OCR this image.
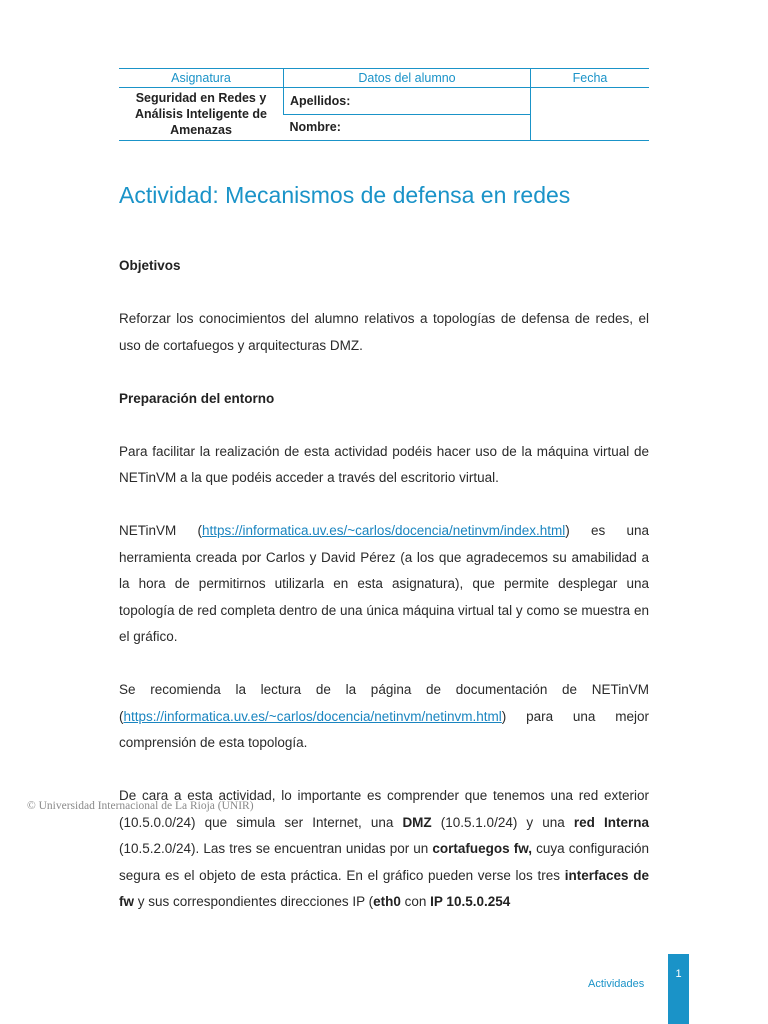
Asignatura	Datos del alumno	Fecha
Seguridad en Redes y Análisis Inteligente de Amenazas	Apellidos:	
	Nombre:	
Actividad: Mecanismos de defensa en redes

Objetivos

Reforzar los conocimientos del alumno relativos a topologías de defensa de redes, el uso de cortafuegos y arquitecturas DMZ.

Preparación del entorno

Para facilitar la realización de esta actividad podéis hacer uso de la máquina virtual de NETinVM a la que podéis acceder a través del escritorio virtual.

NETinVM (https://informatica.uv.es/~carlos/docencia/netinvm/index.html) es una herramienta creada por Carlos y David Pérez (a los que agradecemos su amabilidad a la hora de permitirnos utilizarla en esta asignatura), que permite desplegar una topología de red completa dentro de una única máquina virtual tal y como se muestra en el gráfico.

Se recomienda la lectura de la página de documentación de NETinVM (https://informatica.uv.es/~carlos/docencia/netinvm/netinvm.html) para una mejor comprensión de esta topología.

De cara a esta actividad, lo importante es comprender que tenemos una red exterior (10.5.0.0/24) que simula ser Internet, una DMZ (10.5.1.0/24) y una red Interna (10.5.2.0/24). Las tres se encuentran unidas por un cortafuegos fw, cuya configuración segura es el objeto de esta práctica. En el gráfico pueden verse los tres interfaces de fw y sus correspondientes direcciones IP (eth0 con IP 10.5.0.254

© Universidad Internacional de La Rioja (UNIR)
Actividades
1
